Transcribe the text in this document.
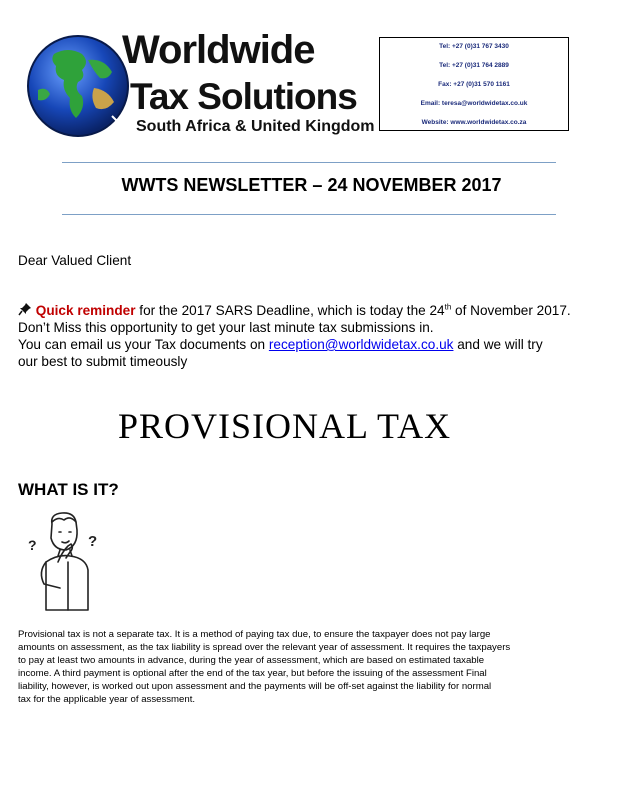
Worldwide
Tax Solutions
South Africa & United Kingdom
Tel: +27 (0)31 767 3430
Tel: +27 (0)31 764 2889
Fax: +27 (0)31 570 1161
Email: teresa@worldwidetax.co.uk
Website: www.worldwidetax.co.za
WWTS NEWSLETTER – 24 NOVEMBER 2017
Dear Valued Client
Quick reminder for the 2017 SARS Deadline, which is today the 24th of November 2017.
Don’t Miss this opportunity to get your last minute tax submissions in.
You can email us your Tax documents on reception@worldwidetax.co.uk and we will try
our best to submit timeously
PROVISIONAL TAX
WHAT IS IT?
?	?
Provisional tax is not a separate tax. It is a method of paying tax due, to ensure the taxpayer does not pay large
amounts on assessment, as the tax liability is spread over the relevant year of assessment. It requires the taxpayers
to pay at least two amounts in advance, during the year of assessment, which are based on estimated taxable
income. A third payment is optional after the end of the tax year, but before the issuing of the assessment Final
liability, however, is worked out upon assessment and the payments will be off-set against the liability for normal
tax for the applicable year of assessment.
